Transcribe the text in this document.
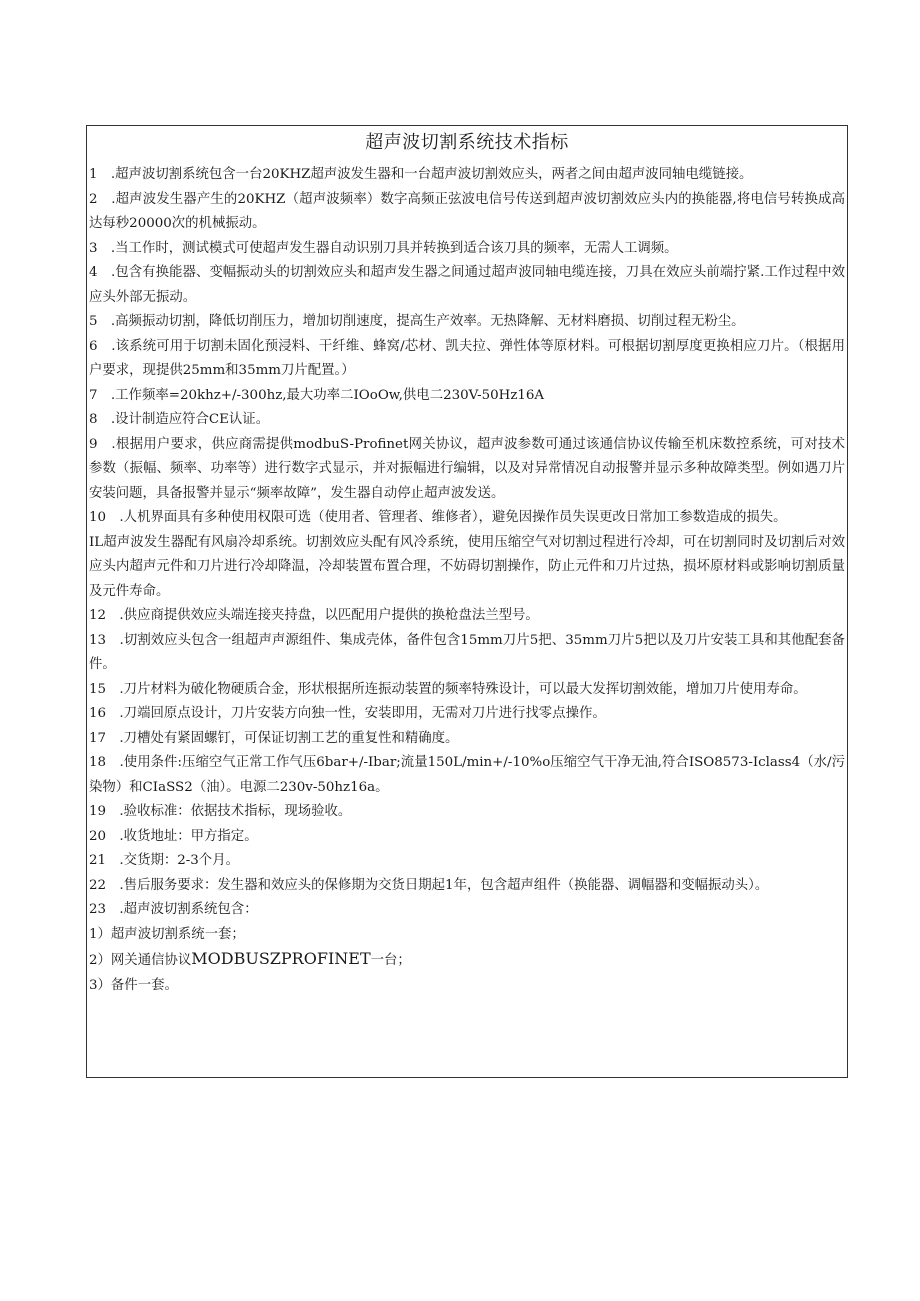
超声波切割系统技术指标

1　.超声波切割系统包含一台20KHZ超声波发生器和一台超声波切割效应头，两者之间由超声波同轴电缆链接。

2　.超声波发生器产生的20KHZ（超声波频率）数字高频正弦波电信号传送到超声波切割效应头内的换能器,将电信号转换成高达每秒20000次的机械振动。

3　.当工作时，测试模式可使超声发生器自动识别刀具并转换到适合该刀具的频率，无需人工调频。

4　.包含有换能器、变幅振动头的切割效应头和超声发生器之间通过超声波同轴电缆连接，刀具在效应头前端拧紧.工作过程中效应头外部无振动。

5　.高频振动切割，降低切削压力，增加切削速度，提高生产效率。无热降解、无材料磨损、切削过程无粉尘。

6　.该系统可用于切割未固化预浸料、干纤维、蜂窝/芯材、凯夫拉、弹性体等原材料。可根据切割厚度更换相应刀片。（根据用户要求，现提供25mm和35mm刀片配置。）

7　.工作频率=20khz+∕-300hz,最大功率二IOoOw,供电二230V-50Hz16A

8　.设计制造应符合CE认证。

9　.根据用户要求，供应商需提供modbuS-Profinet网关协议，超声波参数可通过该通信协议传输至机床数控系统，可对技术参数（振幅、频率、功率等）进行数字式显示，并对振幅进行编辑，以及对异常情况自动报警并显示多种故障类型。例如遇刀片安装问题，具备报警并显示“频率故障”，发生器自动停止超声波发送。

10　.人机界面具有多种使用权限可选（使用者、管理者、维修者），避免因操作员失误更改日常加工参数造成的损失。

IL超声波发生器配有风扇冷却系统。切割效应头配有风冷系统，使用压缩空气对切割过程进行冷却，可在切割同时及切割后对效应头内超声元件和刀片进行冷却降温，冷却装置布置合理，不妨碍切割操作，防止元件和刀片过热，损坏原材料或影响切割质量及元件寿命。

12　.供应商提供效应头端连接夹持盘，以匹配用户提供的换枪盘法兰型号。

13　.切割效应头包含一组超声声源组件、集成壳体，备件包含15mm刀片5把、35mm刀片5把以及刀片安装工具和其他配套备件。

15　.刀片材料为破化物硬质合金，形状根据所连振动装置的频率特殊设计，可以最大发挥切割效能，增加刀片使用寿命。

16　.刀端回原点设计，刀片安装方向独一性，安装即用，无需对刀片进行找零点操作。

17　.刀槽处有紧固螺钉，可保证切割工艺的重复性和精确度。

18　.使用条件:压缩空气正常工作气压6bar+/-Ibar;流量150L∕min+/-10%o压缩空气干净无油,符合ISO8573-Iclass4（水/污染物）和CIaSS2（油）。电源二230v-50hz16a。

19　.验收标准：依据技术指标，现场验收。

20　.收货地址：甲方指定。

21　.交货期：2-3个月。

22　.售后服务要求：发生器和效应头的保修期为交货日期起1年，包含超声组件（换能器、调幅器和变幅振动头）。

23　.超声波切割系统包含：

1）超声波切割系统一套；

2）网关通信协议MODBUSZPROFINET一台；

3）备件一套。
